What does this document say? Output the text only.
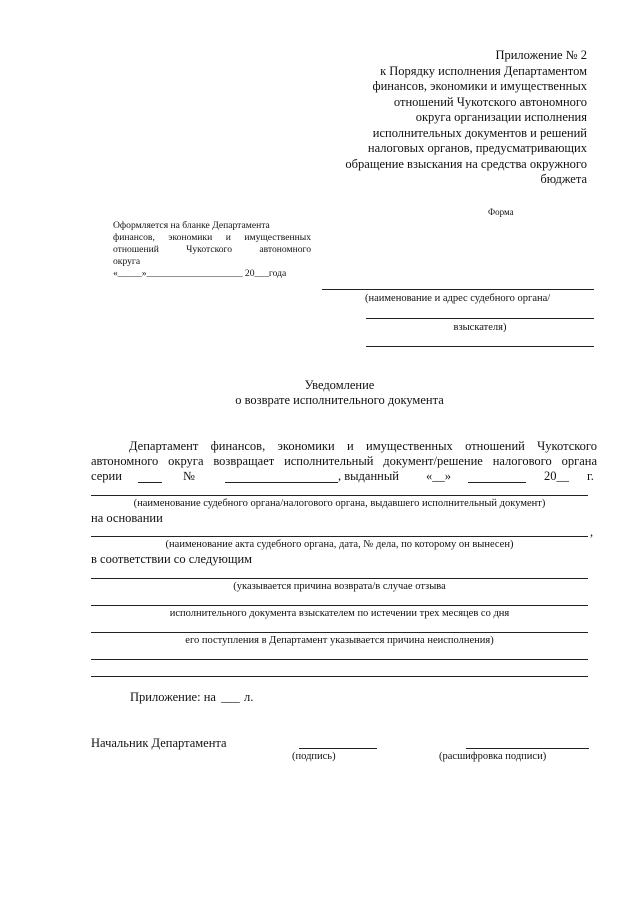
Приложение № 2
к Порядку исполнения Департаментом
финансов, экономики и имущественных
отношений Чукотского автономного
округа организации исполнения
исполнительных документов и решений
налоговых органов, предусматривающих
обращение взыскания на средства окружного
бюджета
Форма
Оформляется на бланке Департамента
финансов, экономики и имущественных
отношений Чукотского автономного
округа
«_____»____________________ 20___года
(наименование и адрес судебного органа/
взыскателя)
Уведомление
о возврате исполнительного документа
Департамент финансов, экономики и имущественных отношений Чукотского
автономного округа возвращает исполнительный документ/решение налогового органа
серии	№	, выданный	«__»	20__ г.
(наименование судебного органа/налогового органа, выдавшего исполнительный документ)
на основании
,
(наименование акта судебного органа, дата, № дела, по которому он вынесен)
в соответствии со следующим
(указывается причина возврата/в случае отзыва
исполнительного документа взыскателем по истечении трех месяцев со дня
его поступления в Департамент указывается причина неисполнения)
Приложение: на ___ л.
Начальник Департамента
(подпись)	(расшифровка подписи)
